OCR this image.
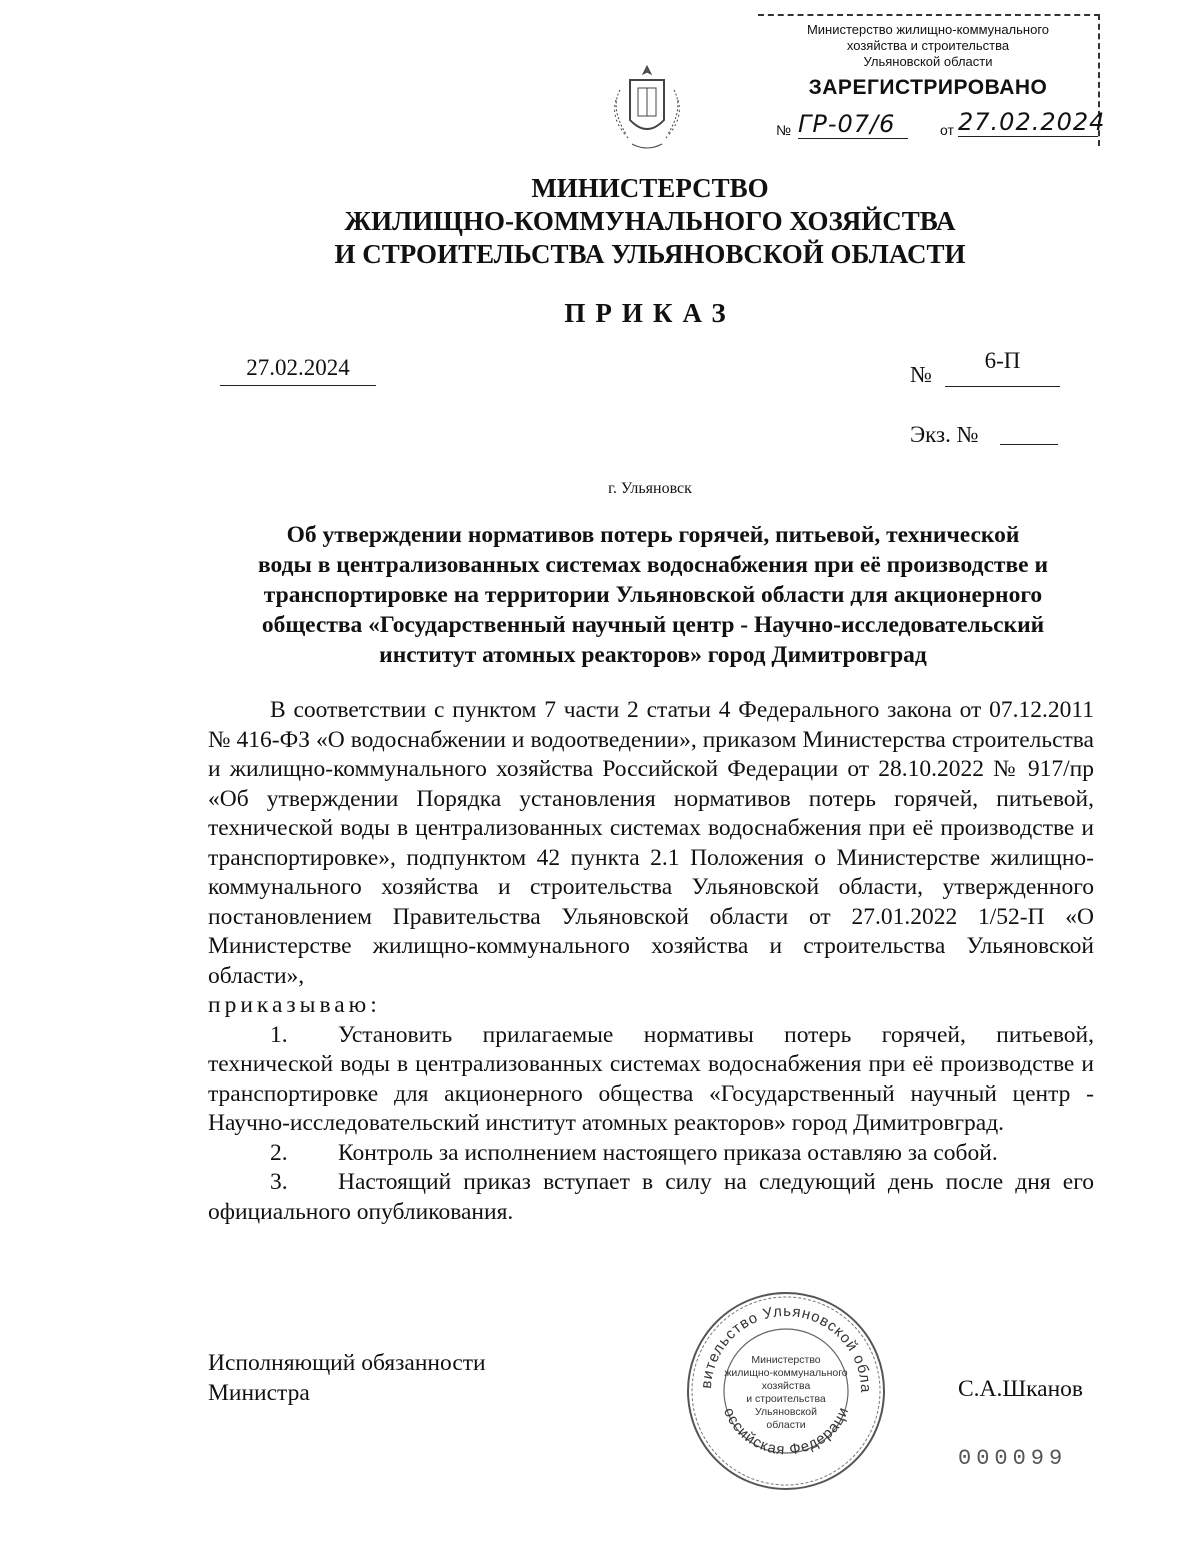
Министерство жилищно-коммунального
хозяйства и строительства
Ульяновской области
ЗАРЕГИСТРИРОВАНО
№ ГР-07/6	от 27.02.2024
МИНИСТЕРСТВО
ЖИЛИЩНО-КОММУНАЛЬНОГО ХОЗЯЙСТВА
И СТРОИТЕЛЬСТВА УЛЬЯНОВСКОЙ ОБЛАСТИ
ПРИКАЗ
27.02.2024	№
6-П
Экз. №
г. Ульяновск
Об утверждении нормативов потерь горячей, питьевой, технической
воды в централизованных системах водоснабжения при её производстве и
транспортировке на территории Ульяновской области для акционерного
общества «Государственный научный центр - Научно-исследовательский
институт атомных реакторов» город Димитровград

В соответствии с пунктом 7 части 2 статьи 4 Федерального закона от 07.12.2011 № 416-ФЗ «О водоснабжении и водоотведении», приказом Министерства строительства и жилищно-коммунального хозяйства Российской Федерации от 28.10.2022 № 917/пр «Об утверждении Порядка установления нормативов потерь горячей, питьевой, технической воды в централизованных системах водоснабжения при её производстве и транспортировке», подпунктом 42 пункта 2.1 Положения о Министерстве жилищно-коммунального хозяйства и строительства Ульяновской области, утвержденного постановлением Правительства Ульяновской области от 27.01.2022 1/52-П «О Министерстве жилищно-коммунального хозяйства и строительства Ульяновской области»,

приказываю:

1. Установить прилагаемые нормативы потерь горячей, питьевой, технической воды в централизованных системах водоснабжения при её производстве и транспортировке для акционерного общества «Государственный научный центр - Научно-исследовательский институт атомных реакторов» город Димитровград.

2. Контроль за исполнением настоящего приказа оставляю за собой.

3. Настоящий приказ вступает в силу на следующий день после дня его официального опубликования.

Исполняющий обязанности
Министра	С.А.Шканов
000099
вительство Ульяновской обла
оссийская Федераци
Министерство
жилищно-коммунального
хозяйства
и строительства
Ульяновской
области
